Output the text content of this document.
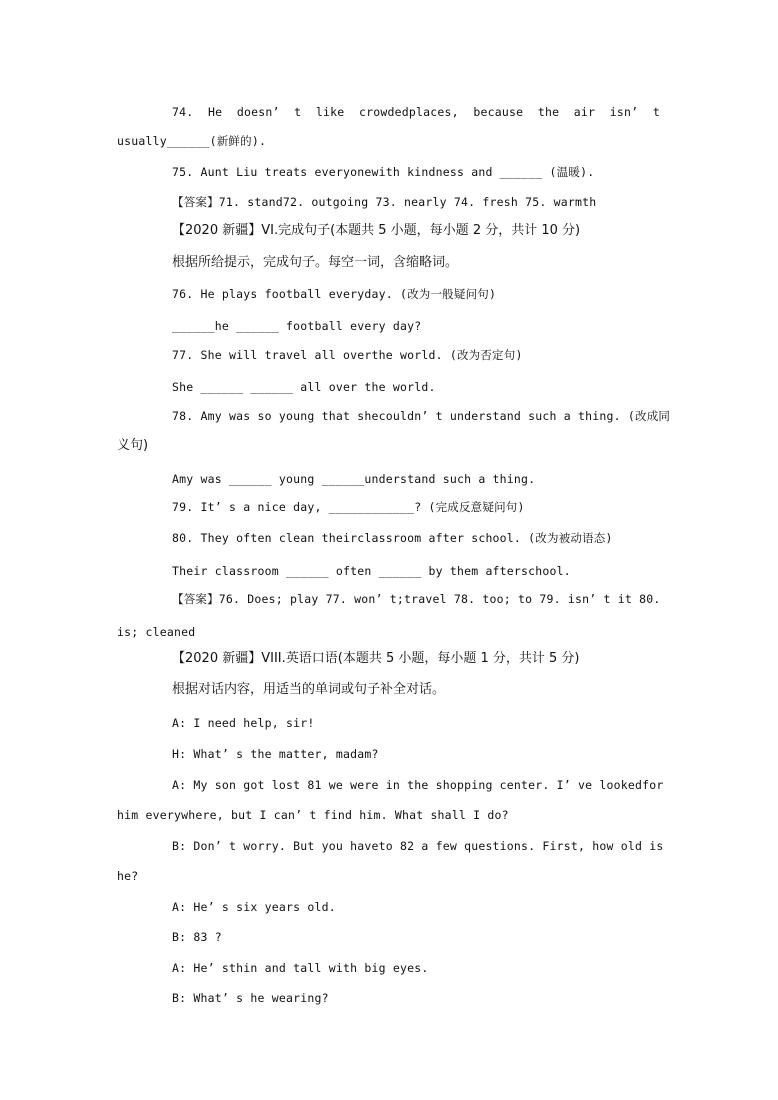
74. He doesn’ t like crowdedplaces, because the air isn’ t
usually______(新鲜的).
75. Aunt Liu treats everyonewith kindness and ______ (温暖).
【答案】71. stand72. outgoing 73. nearly 74. fresh 75. warmth
【2020 新疆】VI.完成句子(本题共 5 小题，每小题 2 分，共计 10 分)
根据所给提示，完成句子。每空一词，含缩略词。
76. He plays football everyday. (改为一般疑问句)
______he ______ football every day?
77. She will travel all overthe world. (改为否定句)
She ______ ______ all over the world.
78. Amy was so young that shecouldn’ t understand such a thing. (改成同
义句)
Amy was ______ young ______understand such a thing.
79. It’ s a nice day, ____________? (完成反意疑问句)
80. They often clean theirclassroom after school. (改为被动语态)
Their classroom ______ often ______ by them afterschool.
【答案】76. Does; play 77. won’ t;travel 78. too; to 79. isn’ t it 80.
is; cleaned
【2020 新疆】VIII.英语口语(本题共 5 小题，每小题 1 分，共计 5 分)
根据对话内容，用适当的单词或句子补全对话。
A: I need help, sir!
H: What’ s the matter, madam?
A: My son got lost 81 we were in the shopping center. I’ ve lookedfor
him everywhere, but I can’ t find him. What shall I do?
B: Don’ t worry. But you haveto 82 a few questions. First, how old is
he?
A: He’ s six years old.
B: 83 ?
A: He’ sthin and tall with big eyes.
B: What’ s he wearing?
